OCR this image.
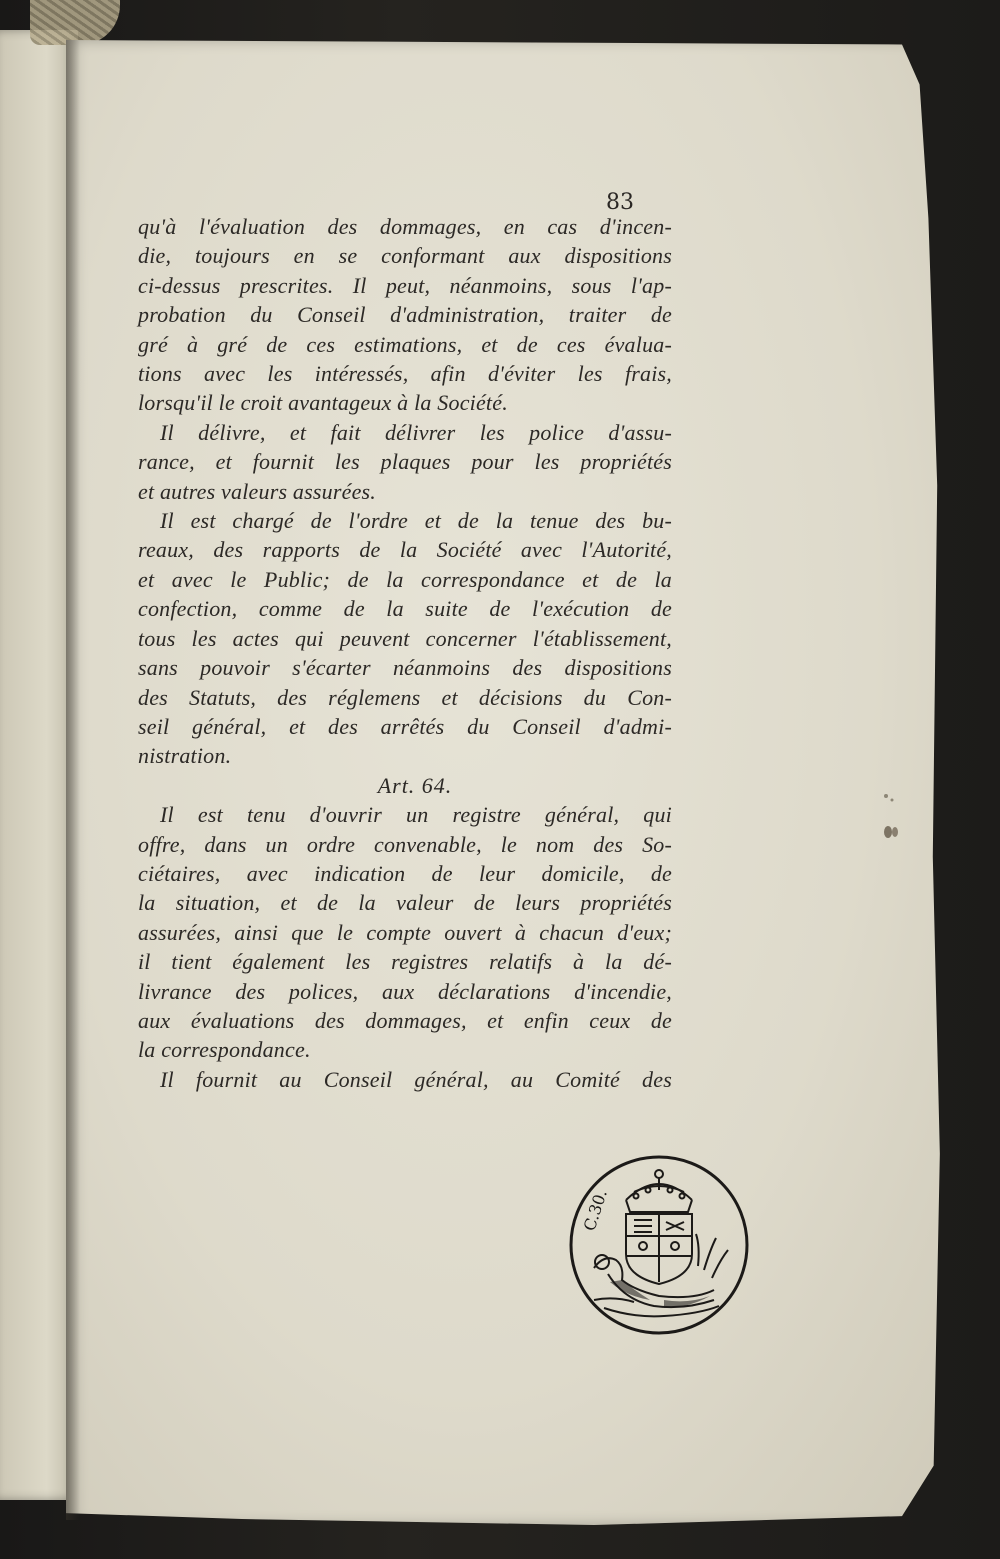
83
qu'à l'évaluation des dommages, en cas d'incen-
die, toujours en se conformant aux dispositions
ci-dessus prescrites. Il peut, néanmoins, sous l'ap-
probation du Conseil d'administration, traiter de
gré à gré de ces estimations, et de ces évalua-
tions avec les intéressés, afin d'éviter les frais,
lorsqu'il le croit avantageux à la Société.
Il délivre, et fait délivrer les police d'assu-
rance, et fournit les plaques pour les propriétés
et autres valeurs assurées.
Il est chargé de l'ordre et de la tenue des bu-
reaux, des rapports de la Société avec l'Autorité,
et avec le Public; de la correspondance et de la
confection, comme de la suite de l'exécution de
tous les actes qui peuvent concerner l'établissement,
sans pouvoir s'écarter néanmoins des dispositions
des Statuts, des réglemens et décisions du Con-
seil général, et des arrêtés du Conseil d'admi-
nistration.
Art. 64.
Il est tenu d'ouvrir un registre général, qui
offre, dans un ordre convenable, le nom des So-
ciétaires, avec indication de leur domicile, de
la situation, et de la valeur de leurs propriétés
assurées, ainsi que le compte ouvert à chacun d'eux;
il tient également les registres relatifs à la dé-
livrance des polices, aux déclarations d'incendie,
aux évaluations des dommages, et enfin ceux de
la correspondance.
Il fournit au Conseil général, au Comité des
C.30.
